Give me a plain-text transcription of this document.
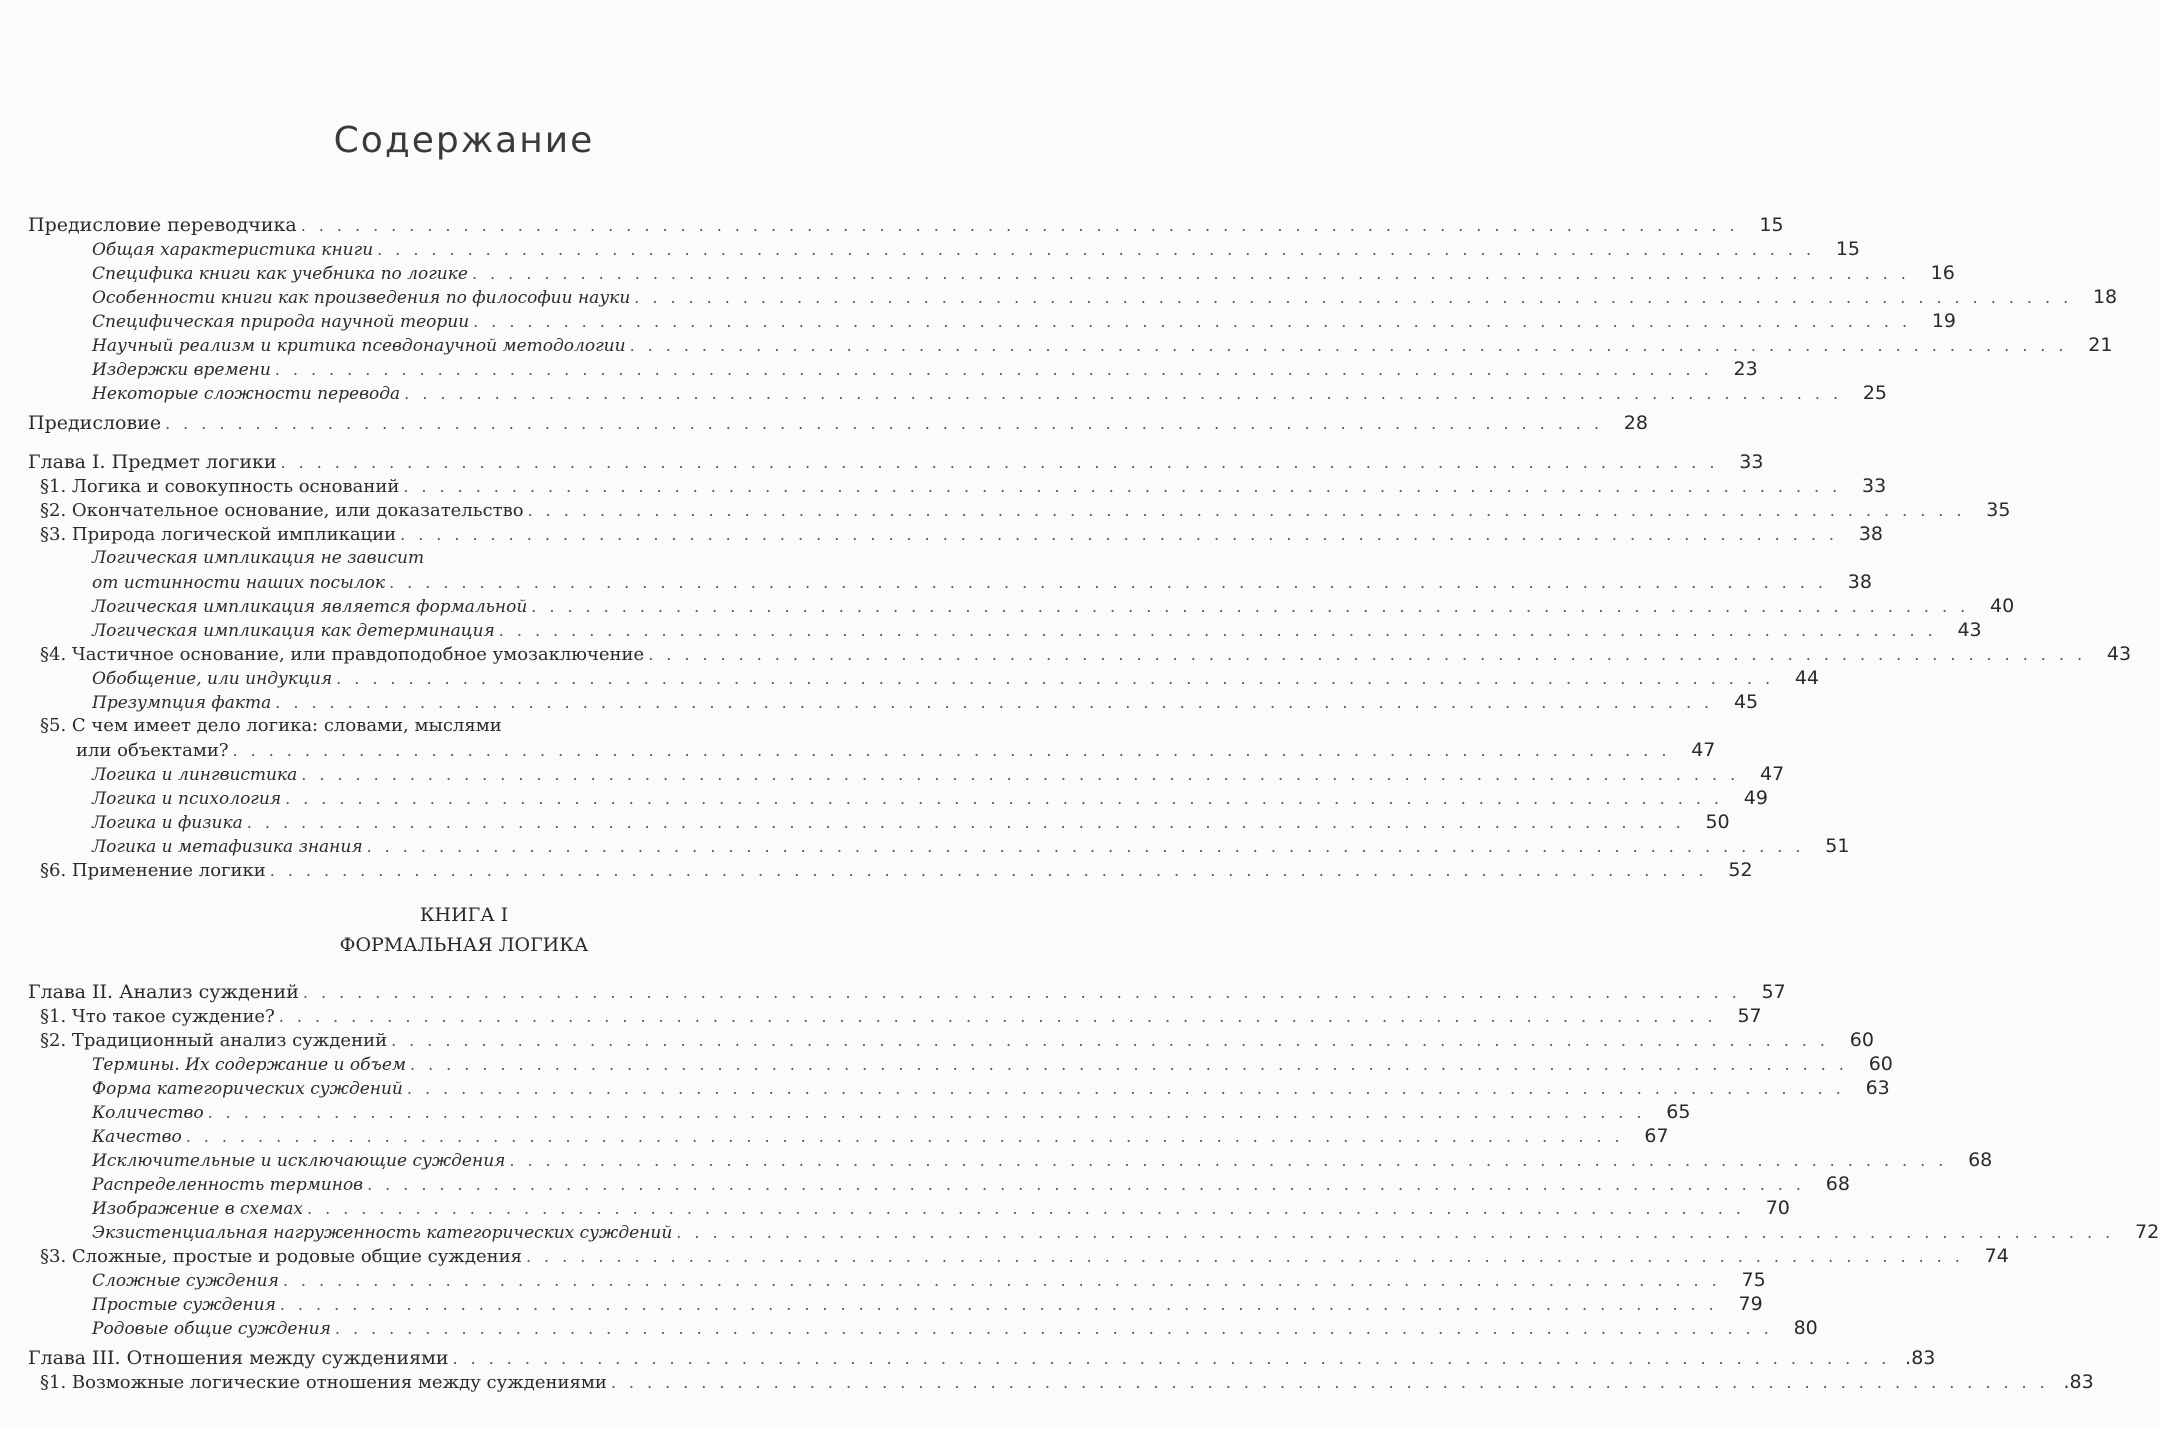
Содержание
Предисловие переводчика ................................................................................ 15
Общая характеристика книги ................................................................................ 15
Специфика книги как учебника по логике ................................................................................ 16
Особенности книги как произведения по философии науки ................................................................................ 18
Специфическая природа научной теории ................................................................................ 19
Научный реализм и критика псевдонаучной методологии ................................................................................ 21
Издержки времени ................................................................................ 23
Некоторые сложности перевода ................................................................................ 25
Предисловие ................................................................................ 28
Глава I. Предмет логики ................................................................................ 33
§1. Логика и совокупность оснований ................................................................................ 33
§2. Окончательное основание, или доказательство ................................................................................ 35
§3. Природа логической импликации ................................................................................ 38
Логическая импликация не зависит
от истинности наших посылок ................................................................................ 38
Логическая импликация является формальной ................................................................................ 40
Логическая импликация как детерминация ................................................................................ 43
§4. Частичное основание, или правдоподобное умозаключение ................................................................................ 43
Обобщение, или индукция ................................................................................ 44
Презумпция факта ................................................................................ 45
§5. С чем имеет дело логика: словами, мыслями
или объектами? ................................................................................ 47
Логика и лингвистика ................................................................................ 47
Логика и психология ................................................................................ 49
Логика и физика ................................................................................ 50
Логика и метафизика знания ................................................................................ 51
§6. Применение логики ................................................................................ 52
Глава II. Анализ суждений ................................................................................ 57
§1. Что такое суждение? ................................................................................ 57
§2. Традиционный анализ суждений ................................................................................ 60
Термины. Их содержание и объем ................................................................................ 60
Форма категорических суждений ................................................................................ 63
Количество ................................................................................ 65
Качество ................................................................................ 67
Исключительные и исключающие суждения ................................................................................ 68
Распределенность терминов ................................................................................ 68
Изображение в схемах ................................................................................ 70
Экзистенциальная нагруженность категорических суждений ................................................................................ 72
§3. Сложные, простые и родовые общие суждения ................................................................................ 74
Сложные суждения ................................................................................ 75
Простые суждения ................................................................................ 79
Родовые общие суждения ................................................................................ 80
Глава III. Отношения между суждениями ................................................................................ .83
§1. Возможные логические отношения между суждениями ................................................................................ .83
КНИГА I
ФОРМАЛЬНАЯ ЛОГИКА
